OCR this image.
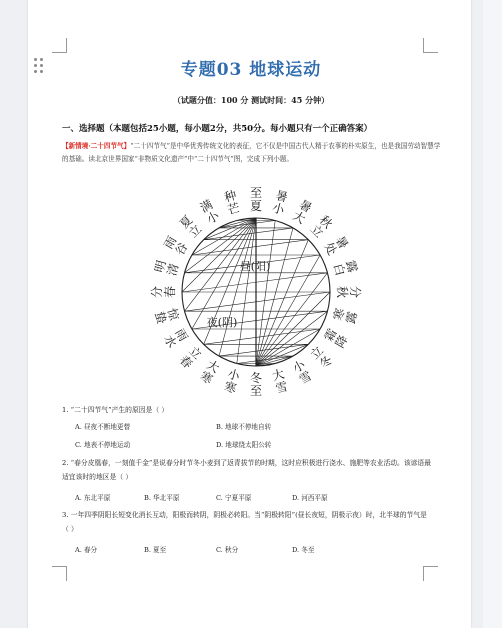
专题03 地球运动
（试题分值：100 分 测试时间：45 分钟）
一、选择题（本题包括25小题，每小题2分，共50分。每小题只有一个正确答案）
【新情境·二十四节气】“二十四节气”是中华优秀传统文化的表征，它不仅是中国古代人精于农事的朴实原生，也是我国劳动智慧学的基础。读北京世界国家“非物质文化遗产”中“二十四节气”图，完成下列小题。
夏
至
小
暑
大
暑
立
秋
处
暑
白
露
秋 分
寒
露
霜
降
立
冬
小
雪
大
雪
冬
至
小
寒
大
寒
立
春
雨
水
惊
蛰
春
分
清
明
谷
雨
立
夏 小
满 芒
种
昼(阳)
夜(阴)
1. “二十四节气”产生的原因是（ ）
A. 昼夜不断地更替	B. 地球不停地自转
C. 地表不停地运动	D. 地球绕太阳公转
2. “春分皮凰春，一刻值千金”是说春分时节冬小麦到了返青拔节的时期，这时应积极进行浇水、施肥等农业活动。该谚语最适宜该时的地区是（ ）
A. 东北平原	B. 华北平原	C. 宁夏平原	D. 河西平原
3. 一年四季阴阳长短变化消长互动，阳极而转阴，阴极必转阳。当“阴极转阳”(昼长夜短，阴极示夜）时，北半球的节气是（ ）
A. 春分	B. 夏至	C. 秋分	D. 冬至
